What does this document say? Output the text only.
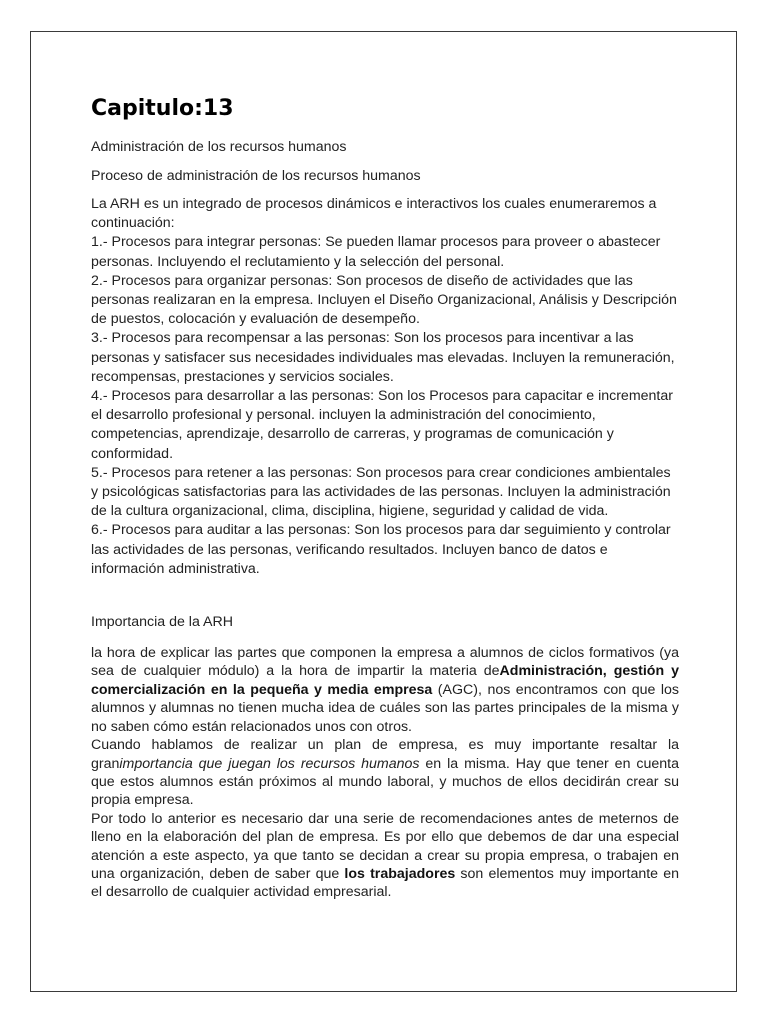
Capitulo:13

Administración de los recursos humanos

Proceso de administración de los recursos humanos

La ARH es un integrado de procesos dinámicos e interactivos los cuales enumeraremos a continuación:
1.- Procesos para integrar personas: Se pueden llamar procesos para proveer o abastecer personas. Incluyendo el reclutamiento y la selección del personal.
2.- Procesos para organizar personas: Son procesos de diseño de actividades que las personas realizaran en la empresa. Incluyen el Diseño Organizacional, Análisis y Descripción de puestos, colocación y evaluación de desempeño.
3.- Procesos para recompensar a las personas: Son los procesos para incentivar a las personas y satisfacer sus necesidades individuales mas elevadas. Incluyen la remuneración, recompensas, prestaciones y servicios sociales.
4.- Procesos para desarrollar a las personas: Son los Procesos para capacitar e incrementar el desarrollo profesional y personal. incluyen la administración del conocimiento, competencias, aprendizaje, desarrollo de carreras, y programas de comunicación y conformidad.
5.- Procesos para retener a las personas: Son procesos para crear condiciones ambientales y psicológicas satisfactorias para las actividades de las personas. Incluyen la administración de la cultura organizacional, clima, disciplina, higiene, seguridad y calidad de vida.
6.- Procesos para auditar a las personas: Son los procesos para dar seguimiento y controlar las actividades de las personas, verificando resultados. Incluyen banco de datos e información administrativa.

Importancia de la ARH

la hora de explicar las partes que componen la empresa a alumnos de ciclos formativos (ya sea de cualquier módulo) a la hora de impartir la materia deAdministración, gestión y comercialización en la pequeña y media empresa (AGC), nos encontramos con que los alumnos y alumnas no tienen mucha idea de cuáles son las partes principales de la misma y no saben cómo están relacionados unos con otros.
Cuando hablamos de realizar un plan de empresa, es muy importante resaltar la granimportancia que juegan los recursos humanos en la misma. Hay que tener en cuenta que estos alumnos están próximos al mundo laboral, y muchos de ellos decidirán crear su propia empresa.
Por todo lo anterior es necesario dar una serie de recomendaciones antes de meternos de lleno en la elaboración del plan de empresa. Es por ello que debemos de dar una especial atención a este aspecto, ya que tanto se decidan a crear su propia empresa, o trabajen en una organización, deben de saber que los trabajadores son elementos muy importante en el desarrollo de cualquier actividad empresarial.
